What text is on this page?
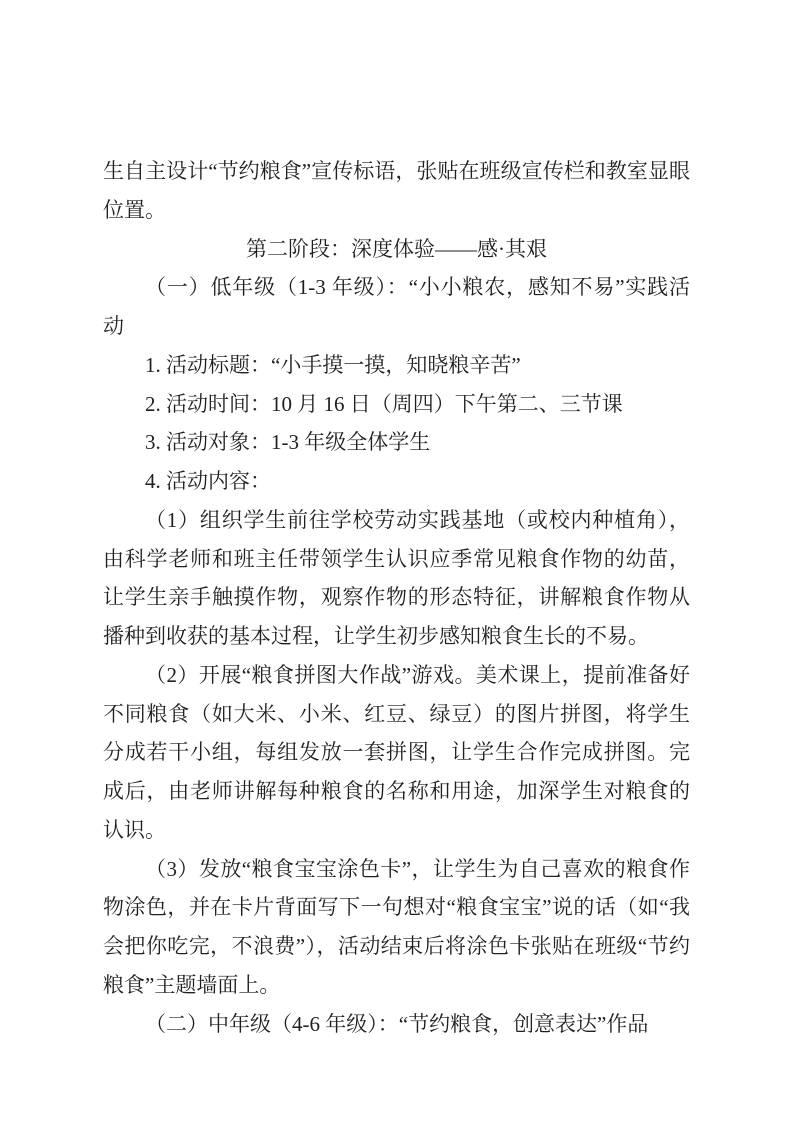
生自主设计“节约粮食”宣传标语，张贴在班级宣传栏和教室显眼位置。

第二阶段：深度体验——感·其艰

（一）低年级（1-3 年级）：“小小粮农，感知不易”实践活动

1. 活动标题：“小手摸一摸，知晓粮辛苦”

2. 活动时间：10 月 16 日（周四）下午第二、三节课

3. 活动对象：1-3 年级全体学生

4. 活动内容：

（1）组织学生前往学校劳动实践基地（或校内种植角），由科学老师和班主任带领学生认识应季常见粮食作物的幼苗，让学生亲手触摸作物，观察作物的形态特征，讲解粮食作物从播种到收获的基本过程，让学生初步感知粮食生长的不易。

（2）开展“粮食拼图大作战”游戏。美术课上，提前准备好不同粮食（如大米、小米、红豆、绿豆）的图片拼图，将学生分成若干小组，每组发放一套拼图，让学生合作完成拼图。完成后，由老师讲解每种粮食的名称和用途，加深学生对粮食的认识。

（3）发放“粮食宝宝涂色卡”，让学生为自己喜欢的粮食作物涂色，并在卡片背面写下一句想对“粮食宝宝”说的话（如“我会把你吃完，不浪费”），活动结束后将涂色卡张贴在班级“节约粮食”主题墙面上。

（二）中年级（4-6 年级）：“节约粮食，创意表达”作品
